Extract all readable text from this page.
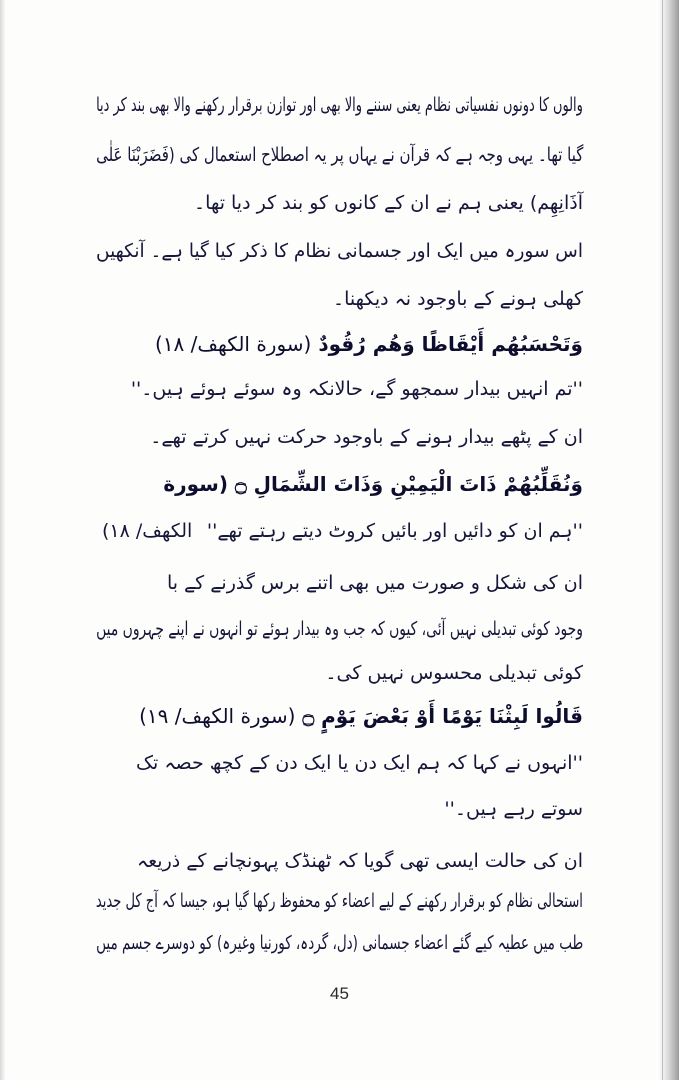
والوں کا دونوں نفسیاتی نظام یعنی سننے والا بھی اور توازن برقرار رکھنے والا بھی بند کر دیا
گیا تھا۔ یہی وجہ ہے کہ قرآن نے یہاں پر یہ اصطلاح استعمال کی (فَضَرَبْنَا عَلٰی
آذَانِهِم) یعنی ہم نے ان کے کانوں کو بند کر دیا تھا۔
اس سورہ میں ایک اور جسمانی نظام کا ذکر کیا گیا ہے۔ آنکھیں
کھلی ہونے کے باوجود نہ دیکھنا۔
وَتَحْسَبُهُم أَيْقَاظًا وَهُم رُقُودٌ (سورة الکهف/ ١٨)
''تم انہیں بیدار سمجھو گے، حالانکہ وہ سوئے ہوئے ہیں۔''
ان کے پٹھے بیدار ہونے کے باوجود حرکت نہیں کرتے تھے۔
وَنُقَلِّبُهُمْ ذَاتَ الْيَمِيْنِ وَذَاتَ الشِّمَالِ ۝ (سورة
''ہم ان کو دائیں اور بائیں کروٹ دیتے رہتے تھے''
الکهف/ ١٨)
ان کی شکل و صورت میں بھی اتنے برس گذرنے کے با
وجود کوئی تبدیلی نہیں آئی، کیوں کہ جب وہ بیدار ہوئے تو انہوں نے اپنے چہروں میں
کوئی تبدیلی محسوس نہیں کی۔
قَالُوا لَبِثْنَا يَوْمًا أَوْ بَعْضَ يَوْمٍ ۝ (سورة الکهف/ ١٩)
''انہوں نے کہا کہ ہم ایک دن یا ایک دن کے کچھ حصہ تک
سوتے رہے ہیں۔''
ان کی حالت ایسی تھی گویا کہ ٹھنڈک پہونچانے کے ذریعہ
استحالی نظام کو برقرار رکھنے کے لیے اعضاء کو محفوظ رکھا گیا ہو، جیسا کہ آج کل جدید
طب میں عطیہ کیے گئے اعضاء جسمانی (دل، گردہ، کورنیا وغیرہ) کو دوسرے جسم میں
45
